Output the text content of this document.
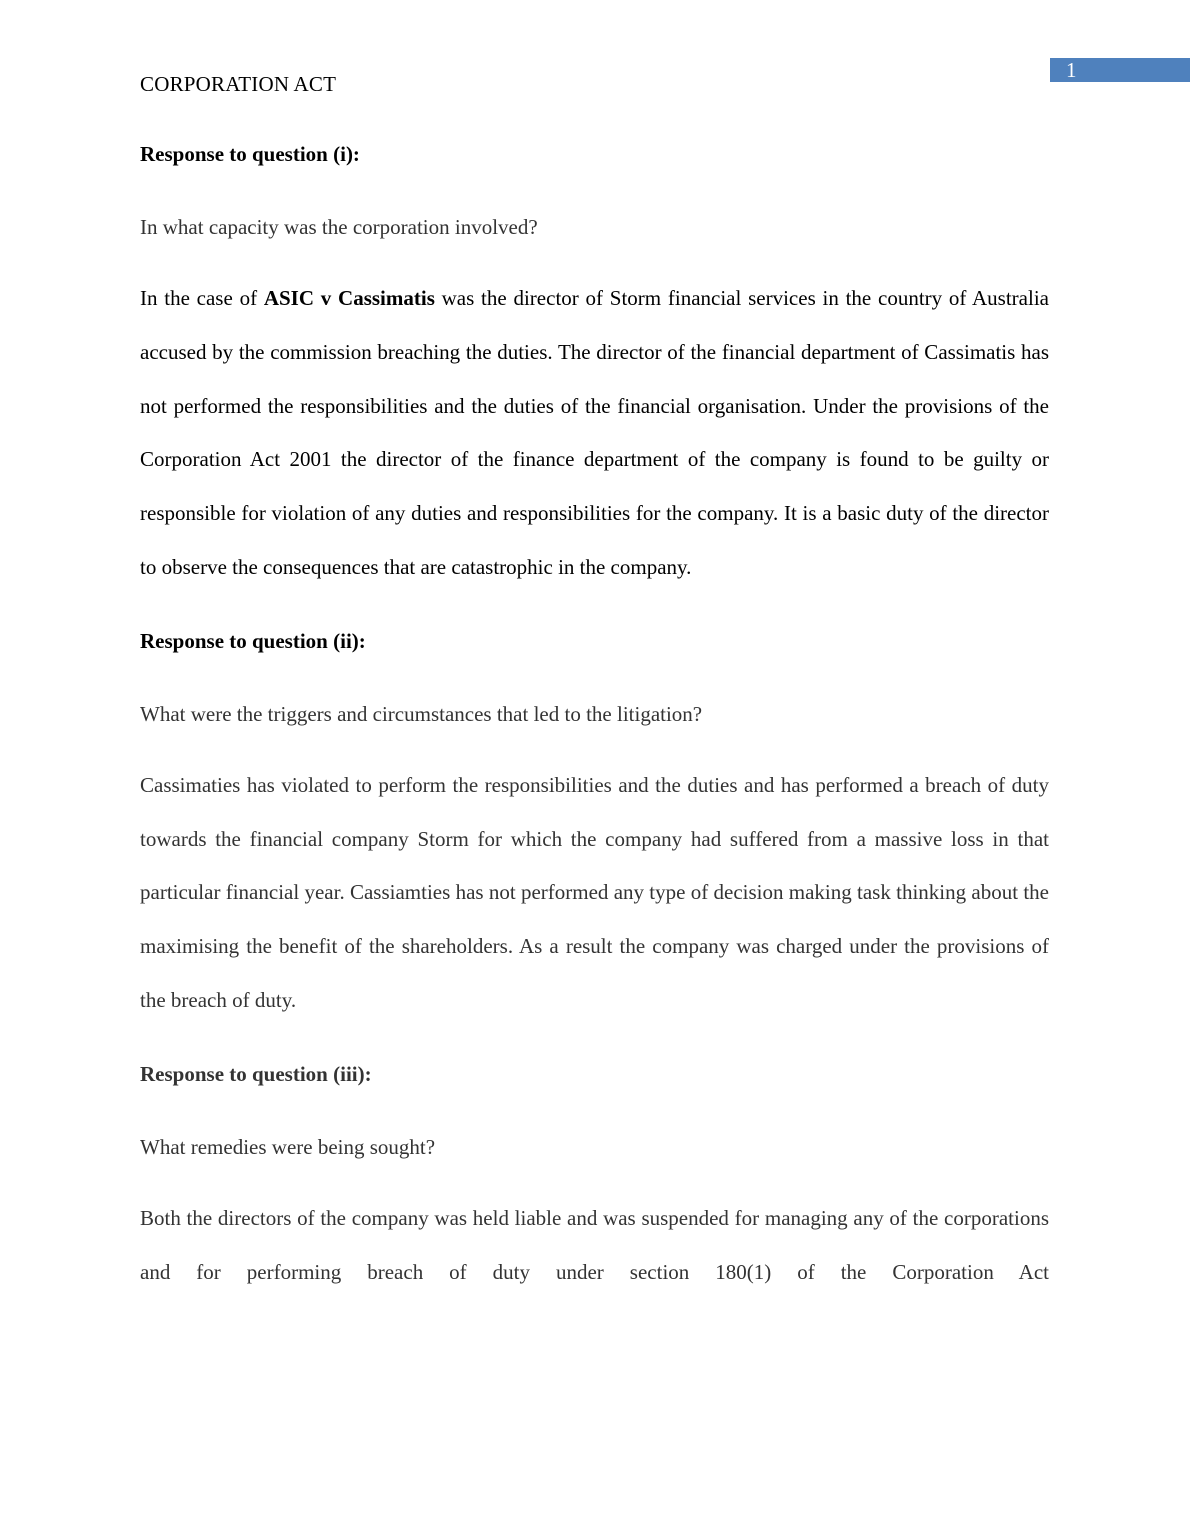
1
CORPORATION ACT

Response to question (i):

In what capacity was the corporation involved?

In the case of ASIC v Cassimatis was the director of Storm financial services in the country of Australia accused by the commission breaching the duties. The director of the financial department of Cassimatis has not performed the responsibilities and the duties of the financial organisation. Under the provisions of the Corporation Act 2001 the director of the finance department of the company is found to be guilty or responsible for violation of any duties and responsibilities for the company. It is a basic duty of the director to observe the consequences that are catastrophic in the company.

Response to question (ii):

What were the triggers and circumstances that led to the litigation?

Cassimaties has violated to perform the responsibilities and the duties and has performed a breach of duty towards the financial company Storm for which the company had suffered from a massive loss in that particular financial year. Cassiamties has not performed any type of decision making task thinking about the maximising the benefit of the shareholders. As a result the company was charged under the provisions of the breach of duty.

Response to question (iii):

What remedies were being sought?

Both the directors of the company was held liable and was suspended for managing any of the corporations and for performing breach of duty under section 180(1) of the Corporation Act
